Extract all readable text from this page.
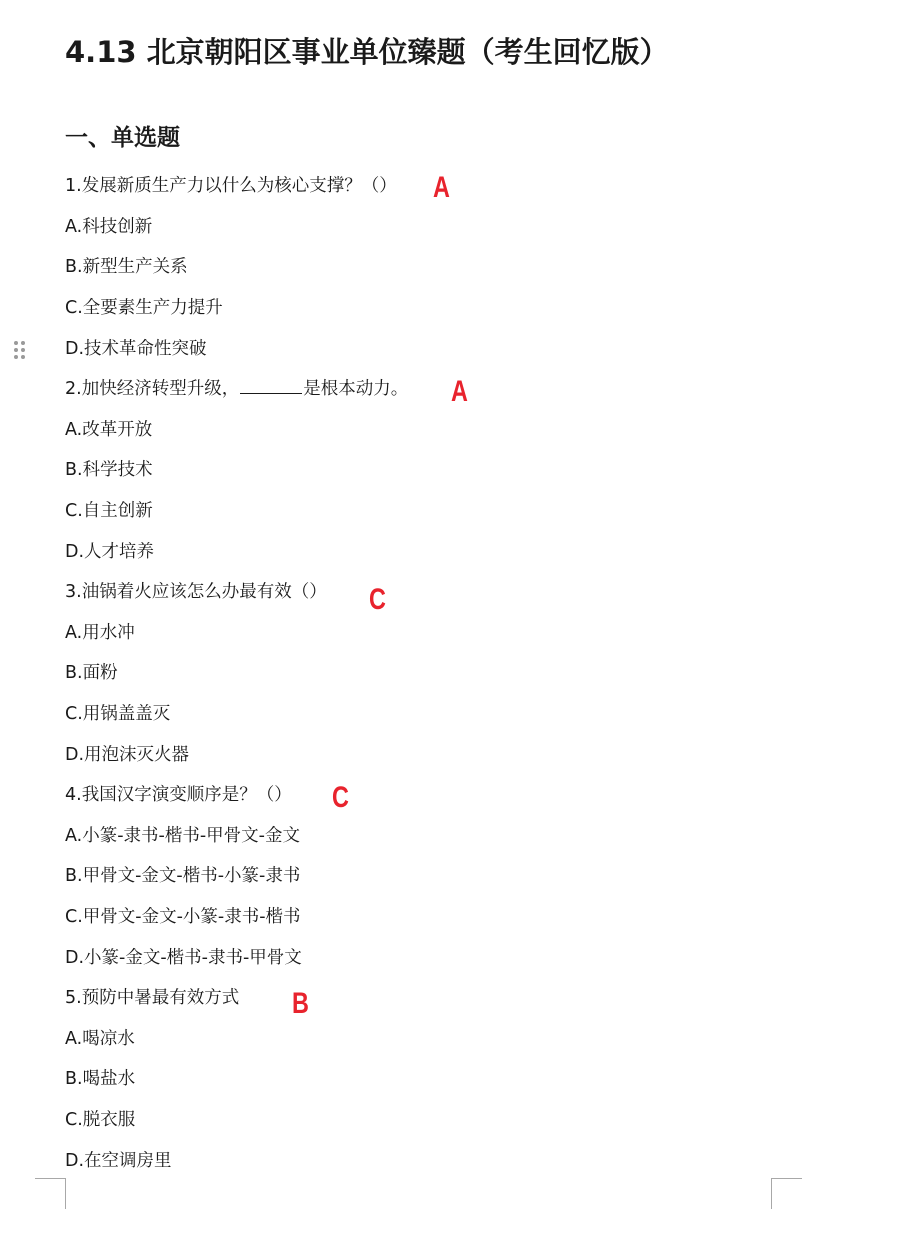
4.13 北京朝阳区事业单位臻题（考生回忆版）
一、单选题
1.发展新质生产力以什么为核心支撑？（） A
A.科技创新
B.新型生产关系
C.全要素生产力提升
D.技术革命性突破
2.加快经济转型升级，	是根本动力。 A
A.改革开放
B.科学技术
C.自主创新
D.人才培养
3.油锅着火应该怎么办最有效（） C
A.用水冲
B.面粉
C.用锅盖盖灭
D.用泡沫灭火器
4.我国汉字演变顺序是？（） C
A.小篆-隶书-楷书-甲骨文-金文
B.甲骨文-金文-楷书-小篆-隶书
C.甲骨文-金文-小篆-隶书-楷书
D.小篆-金文-楷书-隶书-甲骨文
5.预防中暑最有效方式 B
A.喝凉水
B.喝盐水
C.脱衣服
D.在空调房里
